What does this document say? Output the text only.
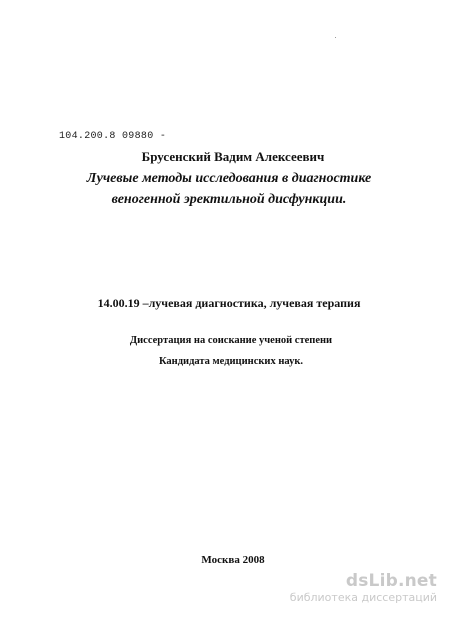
104.200.8 09880 -
Брусенский Вадим Алексеевич
Лучевые методы исследования в диагностике
веногенной эректильной дисфункции.
14.00.19 –лучевая диагностика, лучевая терапия
Диссертация на соискание ученой степени
Кандидата медицинских наук.
Москва 2008
dsLib.net
библиотека диссертаций
